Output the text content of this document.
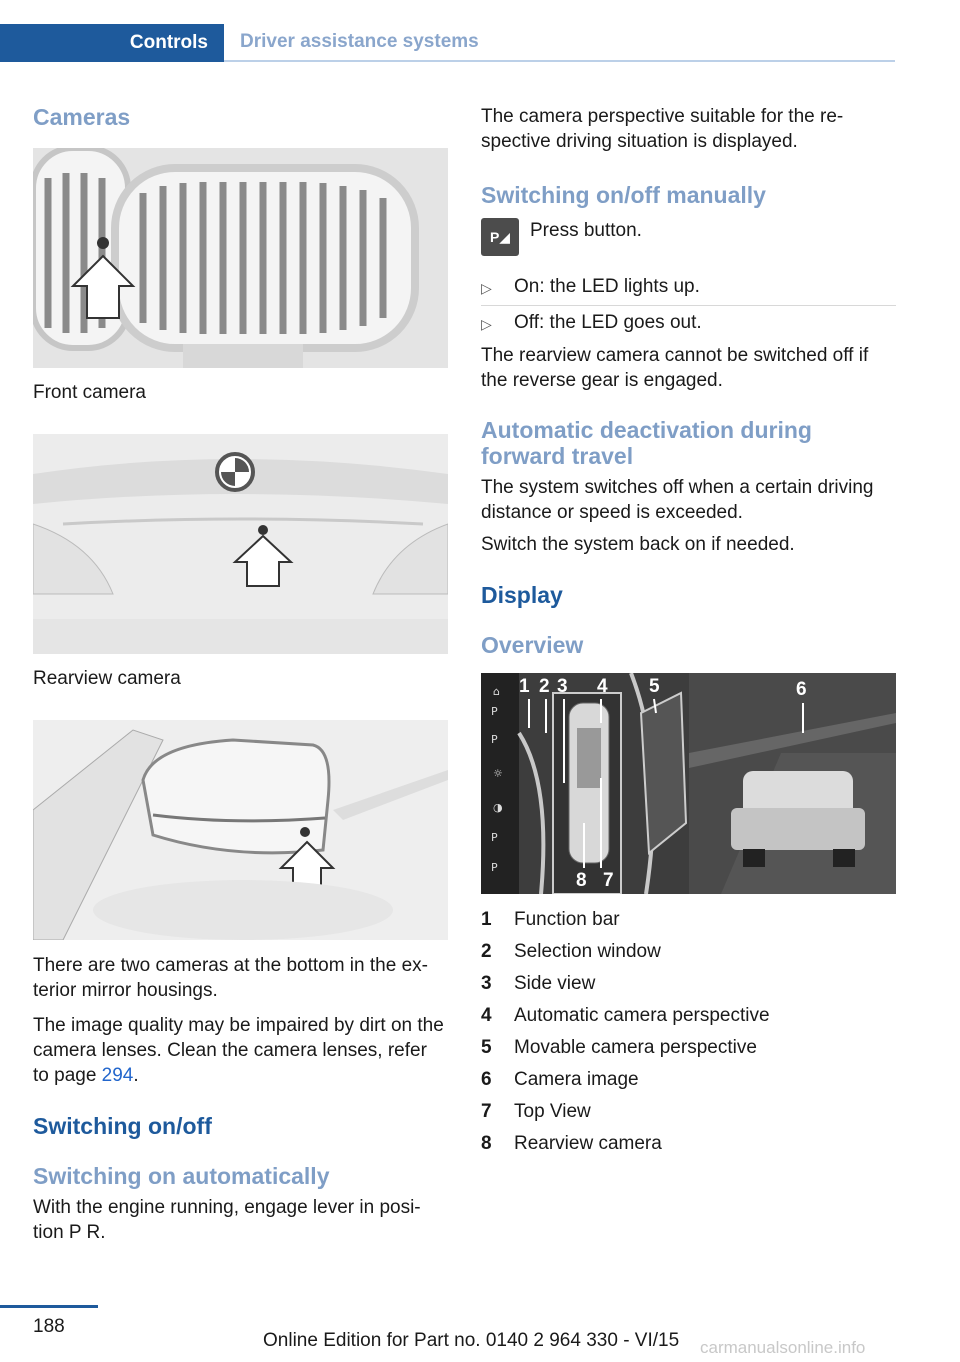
Controls	Driver assistance systems
Cameras
Front camera
Rearview camera

There are two cameras at the bottom in the ex‐terior mirror housings.

The image quality may be impaired by dirt on the camera lenses. Clean the camera lenses, refer to page 294.

Switching on/off
Switching on automatically

With the engine running, engage lever in posi‐tion P R.

The camera perspective suitable for the re‐spective driving situation is displayed.

Switching on/off manually
P◢	Press button.

▷	On: the LED lights up.
▷	Off: the LED goes out.

The rearview camera cannot be switched off if the reverse gear is engaged.

Automatic deactivation during forward travel

The system switches off when a certain driving distance or speed is exceeded.

Switch the system back on if needed.

Display
Overview
⌂
P
P
☼
◑
P
P
1 2 3 4 5	6
7
8
1	Function bar
2	Selection window
3	Side view
4	Automatic camera perspective
5	Movable camera perspective
6	Camera image
7	Top View
8	Rearview camera
188
Online Edition for Part no. 0140 2 964 330 - VI/15 carmanualsonline.info
